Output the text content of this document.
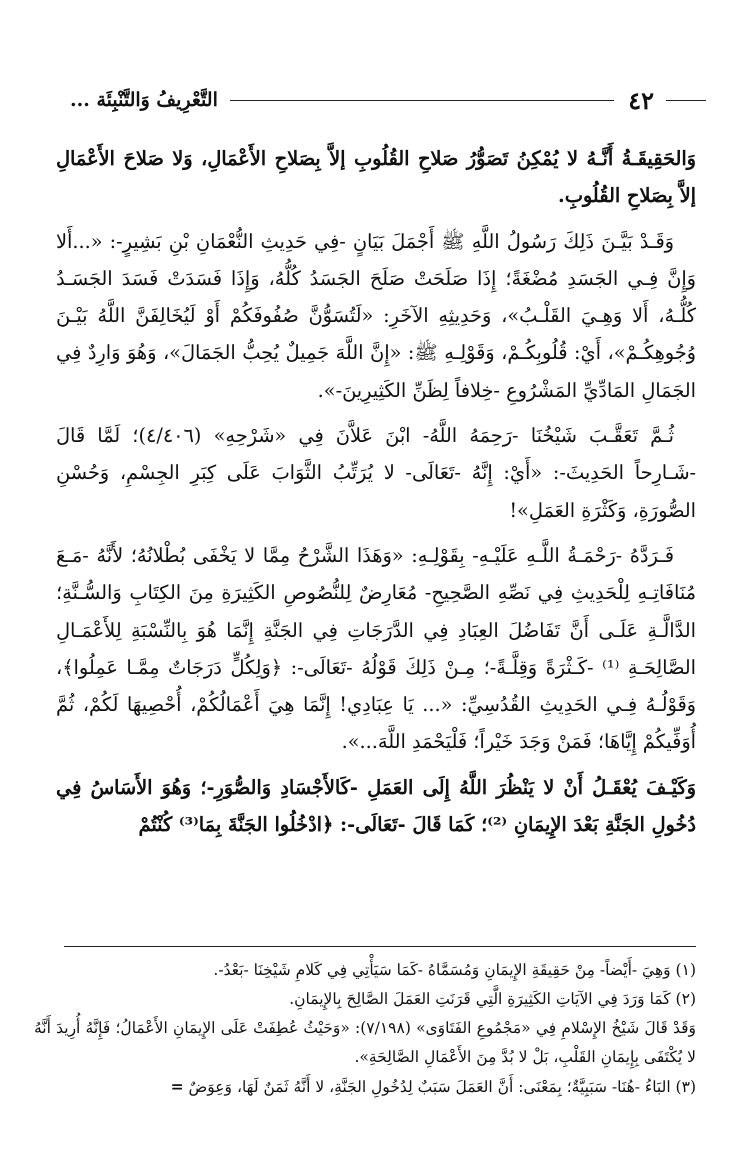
٤٢
التَّعْرِيفُ وَالتَّنْبِئَة ...

وَالحَقِيقَـةُ أَنَّـهُ لا يُمْكِنُ تَصَوُّرُ صَلاحِ القُلُوبِ إلاَّ بِصَلاحِ الأَعْمَالِ، وَلا صَلاحَ الأَعْمَالِ إلاَّ بِصَلاحِ القُلُوبِ.

وَقَـدْ بَيَّـنَ ذَلِكَ رَسُولُ اللَّهِ ﷺ أَجْمَلَ بَيَانٍ -فِي حَدِيثِ النُّعْمَانِ بْنِ بَشِيرٍ-: «...أَلا وَإِنَّ فِـي الجَسَدِ مُضْغَةً؛ إِذَا صَلَحَتْ صَلَحَ الجَسَدُ كُلُّهُ، وَإِذَا فَسَدَتْ فَسَدَ الجَسَـدُ كُلُّـهُ، أَلا وَهِـيَ القَلْـبُ»، وَحَدِيثِهِ الآخَرِ: «لَتُسَوُّنَّ صُفُوفَكُمْ أَوْ لَيُخَالِفَنَّ اللَّهُ بَيْـنَ وُجُوهِكُـمْ»، أَيْ: قُلُوبِكُـمْ، وَقَوْلِـهِ ﷺ: «إِنَّ اللَّهَ جَمِيلٌ يُحِبُّ الجَمَالَ»، وَهُوَ وَارِدٌ فِي الجَمَالِ المَادِّيِّ المَشْرُوعِ -خِلافاً لِظَنِّ الكَثِيرِينَ-».

ثُـمَّ تَعَقَّـبَ شَيْخُنَا -رَحِمَهُ اللَّهُ- ابْنَ عَلاَّنَ فِي «شَرْحِهِ» (٤/٤٠٦)؛ لَمَّا قَالَ -شَـارِحاً الحَدِيثَ-: «أَيْ: إِنَّهُ -تَعَالَى- لا يُرَتِّبُ الثَّوَابَ عَلَى كِبَرِ الجِسْمِ، وَحُسْنِ الصُّورَةِ، وَكَثْرَةِ العَمَلِ»!

فَـرَدَّهُ -رَحْمَـةُ اللَّـهِ عَلَيْـهِ- بِقَوْلِـهِ: «وَهَذَا الشَّرْحُ مِمَّا لا يَخْفَى بُطْلانُهُ؛ لأَنَّهُ -مَـعَ مُنَافَاتِـهِ لِلْحَدِيثِ فِي نَصِّهِ الصَّحِيحِ- مُعَارِضٌ لِلنُّصُوصِ الكَثِيرَةِ مِنَ الكِتَابِ وَالسُّـنَّةِ؛ الدَّالَّـةِ عَلَـى أَنَّ تَفَاضُلَ العِبَادِ فِي الدَّرَجَاتِ فِي الجَنَّةِ إِنَّمَا هُوَ بِالنِّسْبَةِ لِلأَعْمَـالِ الصَّالِحَـةِ ⁽¹⁾ -كَـثْرَةً وَقِلَّـةً-؛ مِـنْ ذَلِكَ قَوْلُهُ -تَعَالَى-: ﴿وَلِكُلٍّ دَرَجَاتٌ مِمَّـا عَمِلُوا﴾، وَقَوْلُـهُ فِـي الحَدِيثِ القُدُسِيِّ: «... يَا عِبَادِي! إِنَّمَا هِيَ أَعْمَالُكُمْ، أُحْصِيهَا لَكُمْ، ثُمَّ أُوَفِّيكُمْ إِيَّاهَا؛ فَمَنْ وَجَدَ خَيْراً؛ فَلْيَحْمَدِ اللَّهَ...».

وَكَيْـفَ يُعْقَـلُ أَنْ لا يَنْظُرَ اللَّهُ إِلَى العَمَلِ -كَالأَجْسَادِ وَالصُّوَرِ-؛ وَهُوَ الأَسَاسُ فِي دُخُولِ الجَنَّةِ بَعْدَ الإِيمَانِ ⁽²⁾؛ كَمَا قَالَ -تَعَالَى-: ﴿ادْخُلُوا الجَنَّةَ بِمَا⁽³⁾ كُنْتُمْ

(١) وَهِيَ -أَيْضاً- مِنْ حَقِيقَةِ الإِيمَانِ وَمُسَمَّاهُ -كَمَا سَيَأْتِي فِي كَلامِ شَيْخِنَا -بَعْدُ-.

(٢) كَمَا وَرَدَ فِي الآيَاتِ الكَثِيرَةِ الَّتِي قَرَنَتِ العَمَلَ الصَّالِحَ بِالإِيمَانِ.

وَقَدْ قَالَ شَيْخُ الإِسْلامِ فِي «مَجْمُوعِ الفَتَاوَى» (٧/١٩٨): «وَحَيْثُ عُطِفَتْ عَلَى الإِيمَانِ الأَعْمَالُ؛ فَإِنَّهُ أُرِيدَ أَنَّهُ لا يُكْتَفَى بِإِيمَانِ القَلْبِ، بَلْ لا بُدَّ مِنَ الأَعْمَالِ الصَّالِحَةِ».

(٣) البَاءُ -هُنَا- سَبَبِيَّةٌ؛ بِمَعْنَى: أَنَّ العَمَلَ سَبَبٌ لِدُخُولِ الجَنَّةِ، لا أَنَّهُ ثَمَنٌ لَهَا، وَعِوَضٌ =
